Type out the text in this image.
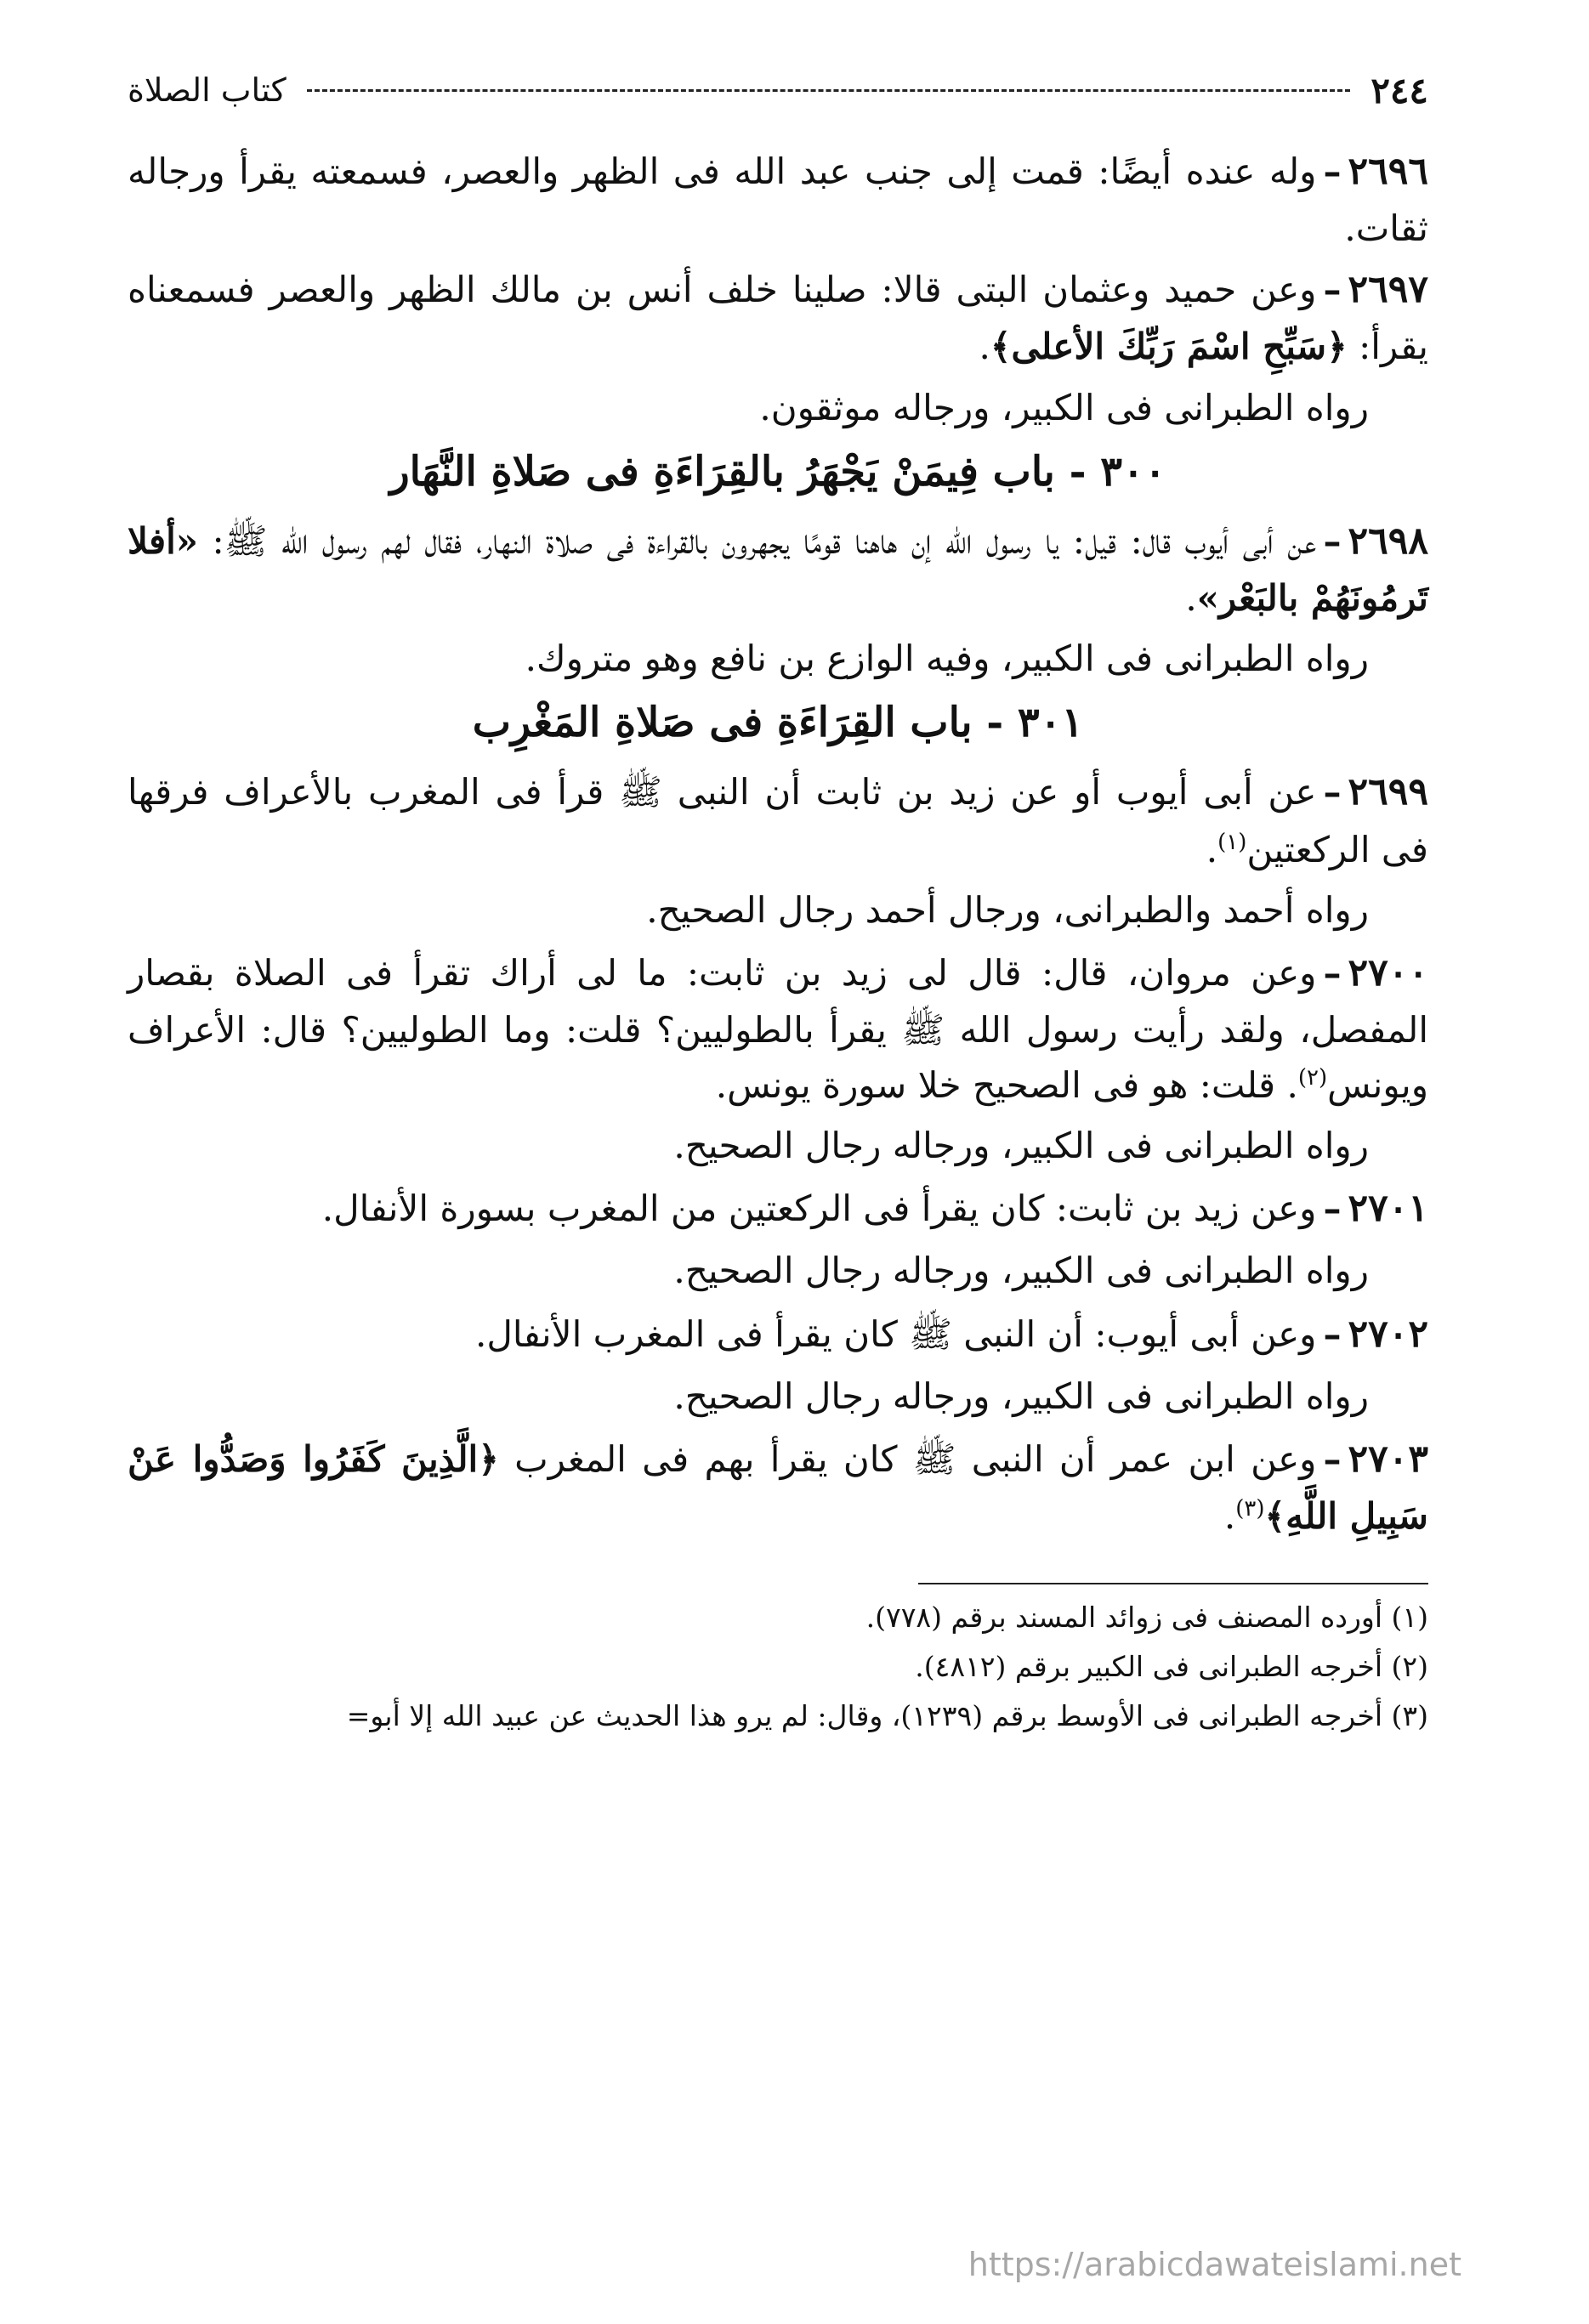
٢٤٤
كتاب الصلاة

٢٦٩٦–وله عنده أيضًا: قمت إلى جنب عبد الله فى الظهر والعصر، فسمعته يقرأ ورجاله ثقات.

٢٦٩٧–وعن حميد وعثمان البتى قالا: صلينا خلف أنس بن مالك الظهر والعصر فسمعناه يقرأ: ﴿سَبِّحِ اسْمَ رَبِّكَ الأعلى﴾.

رواه الطبرانى فى الكبير، ورجاله موثقون.

٣٠٠ - باب فِيمَنْ يَجْهَرُ بالقِرَاءَةِ فى صَلاةِ النَّهَار

٢٦٩٨–عن أبى أيوب قال: قيل: يا رسول الله إن هاهنا قومًا يجهرون بالقراءة فى صلاة النهار، فقال لهم رسول الله ﷺ: «أفلا تَرمُونَهُمْ بالبَعْر».

رواه الطبرانى فى الكبير، وفيه الوازع بن نافع وهو متروك.

٣٠١ - باب القِرَاءَةِ فى صَلاةِ المَغْرِب

٢٦٩٩–عن أبى أيوب أو عن زيد بن ثابت أن النبى ﷺ قرأ فى المغرب بالأعراف فرقها فى الركعتين$^{(١)}$.

رواه أحمد والطبرانى، ورجال أحمد رجال الصحيح.

٢٧٠٠–وعن مروان، قال: قال لى زيد بن ثابت: ما لى أراك تقرأ فى الصلاة بقصار المفصل، ولقد رأيت رسول الله ﷺ يقرأ بالطوليين؟ قلت: وما الطوليين؟ قال: الأعراف ويونس$^{(٢)}$. قلت: هو فى الصحيح خلا سورة يونس.

رواه الطبرانى فى الكبير، ورجاله رجال الصحيح.

٢٧٠١–وعن زيد بن ثابت: كان يقرأ فى الركعتين من المغرب بسورة الأنفال.

رواه الطبرانى فى الكبير، ورجاله رجال الصحيح.

٢٧٠٢–وعن أبى أيوب: أن النبى ﷺ كان يقرأ فى المغرب الأنفال.

رواه الطبرانى فى الكبير، ورجاله رجال الصحيح.

٢٧٠٣–وعن ابن عمر أن النبى ﷺ كان يقرأ بهم فى المغرب ﴿الَّذِينَ كَفَرُوا وَصَدُّوا عَنْ سَبِيلِ اللَّهِ﴾$^{(٣)}$.

(١) أورده المصنف فى زوائد المسند برقم (٧٧٨).

(٢) أخرجه الطبرانى فى الكبير برقم (٤٨١٢).

(٣) أخرجه الطبرانى فى الأوسط برقم (١٢٣٩)، وقال: لم يرو هذا الحديث عن عبيد الله إلا أبو=

https://arabicdawateislami.net
